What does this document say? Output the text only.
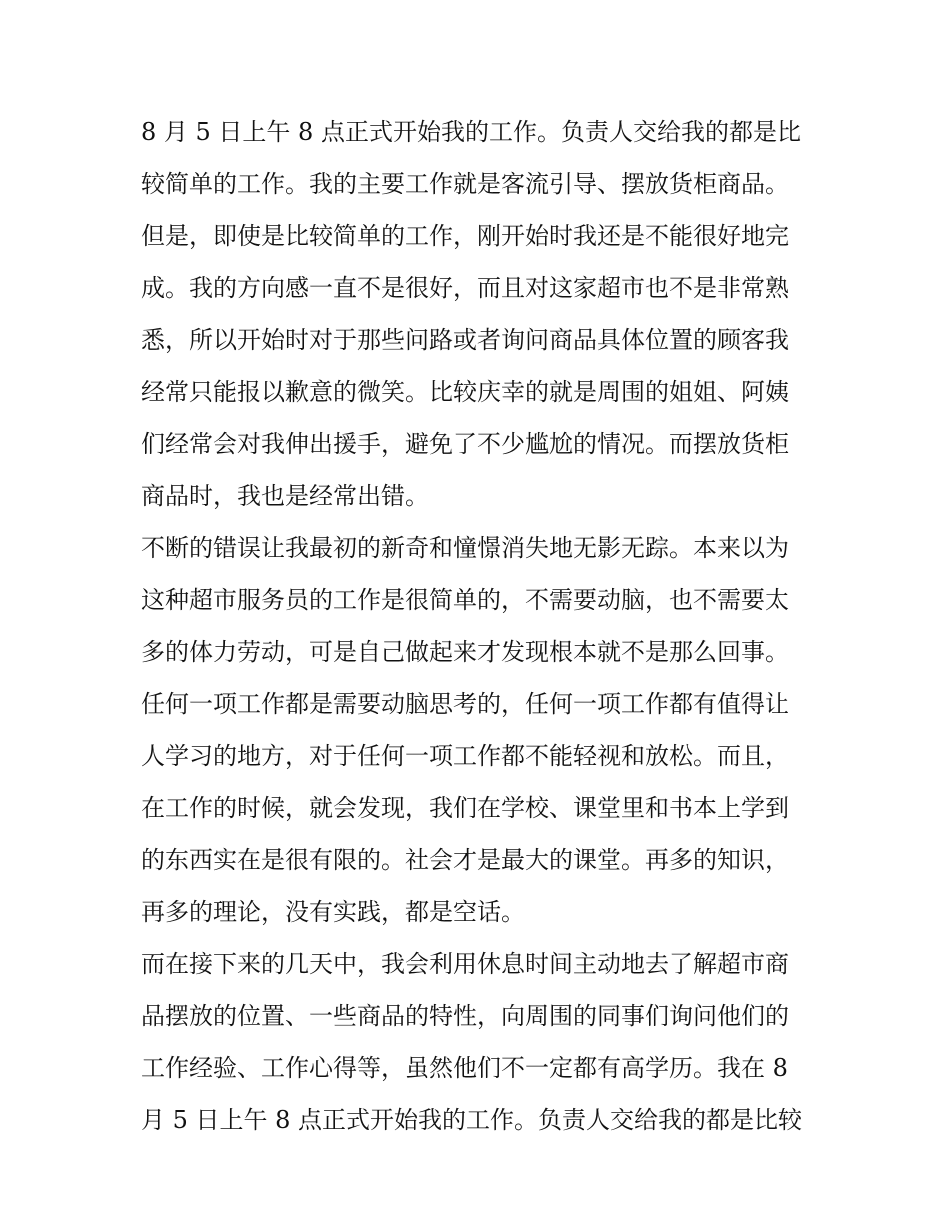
8 月 5 日上午 8 点正式开始我的工作。负责人交给我的都是比
较简单的工作。我的主要工作就是客流引导、摆放货柜商品。
但是，即使是比较简单的工作，刚开始时我还是不能很好地完
成。我的方向感一直不是很好，而且对这家超市也不是非常熟
悉，所以开始时对于那些问路或者询问商品具体位置的顾客我
经常只能报以歉意的微笑。比较庆幸的就是周围的姐姐、阿姨
们经常会对我伸出援手，避免了不少尴尬的情况。而摆放货柜
商品时，我也是经常出错。
不断的错误让我最初的新奇和憧憬消失地无影无踪。本来以为
这种超市服务员的工作是很简单的，不需要动脑，也不需要太
多的体力劳动，可是自己做起来才发现根本就不是那么回事。
任何一项工作都是需要动脑思考的，任何一项工作都有值得让
人学习的地方，对于任何一项工作都不能轻视和放松。而且，
在工作的时候，就会发现，我们在学校、课堂里和书本上学到
的东西实在是很有限的。社会才是最大的课堂。再多的知识，
再多的理论，没有实践，都是空话。
而在接下来的几天中，我会利用休息时间主动地去了解超市商
品摆放的位置、一些商品的特性，向周围的同事们询问他们的
工作经验、工作心得等，虽然他们不一定都有高学历。我在 8
月 5 日上午 8 点正式开始我的工作。负责人交给我的都是比较
